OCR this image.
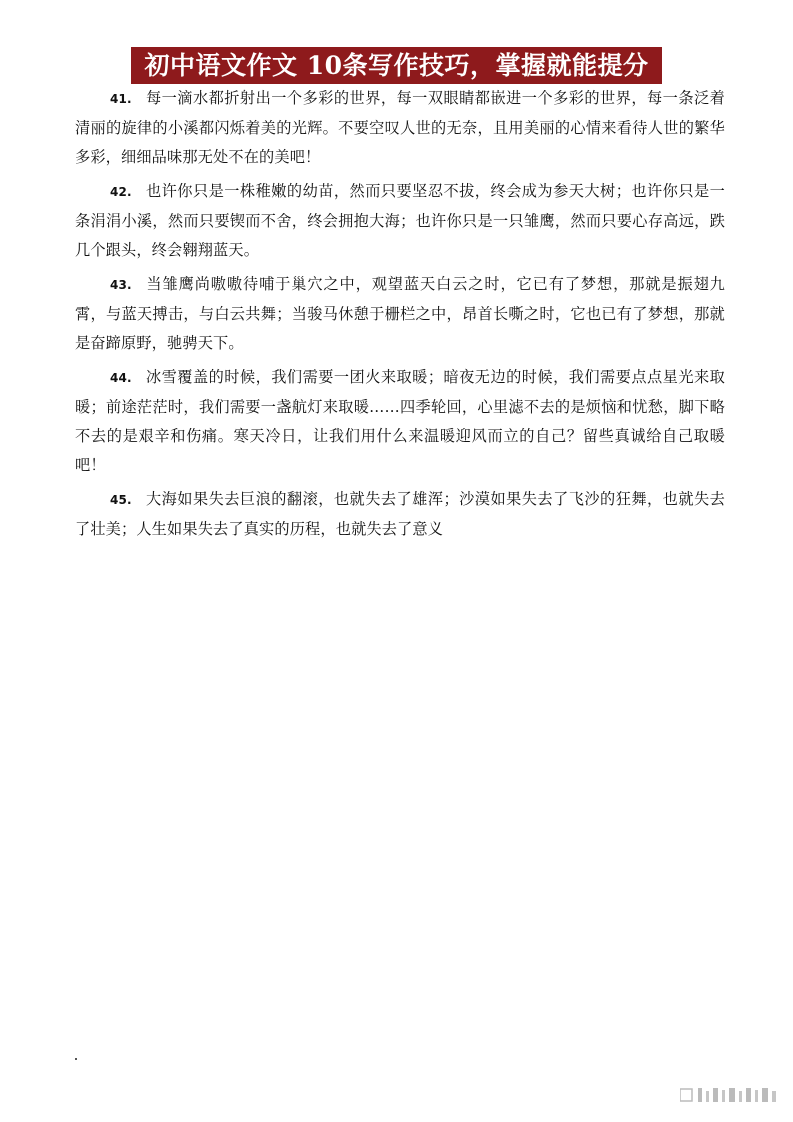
初中语文作文 10条写作技巧，掌握就能提分

41. 每一滴水都折射出一个多彩的世界，每一双眼睛都嵌进一个多彩的世界，每一条泛着清丽的旋律的小溪都闪烁着美的光辉。不要空叹人世的无奈，且用美丽的心情来看待人世的繁华多彩，细细品味那无处不在的美吧！

42. 也许你只是一株稚嫩的幼苗，然而只要坚忍不拔，终会成为参天大树；也许你只是一条涓涓小溪，然而只要锲而不舍，终会拥抱大海；也许你只是一只雏鹰，然而只要心存高远，跌几个跟头，终会翱翔蓝天。

43. 当雏鹰尚嗷嗷待哺于巢穴之中，观望蓝天白云之时，它已有了梦想，那就是振翅九霄，与蓝天搏击，与白云共舞；当骏马休憩于栅栏之中，昂首长嘶之时，它也已有了梦想，那就是奋蹄原野，驰骋天下。

44. 冰雪覆盖的时候，我们需要一团火来取暖；暗夜无边的时候，我们需要点点星光来取暖；前途茫茫时，我们需要一盏航灯来取暖……四季轮回，心里滤不去的是烦恼和忧愁，脚下略不去的是艰辛和伤痛。寒天冷日，让我们用什么来温暖迎风而立的自己？留些真诚给自己取暖吧！

45. 大海如果失去巨浪的翻滚，也就失去了雄浑；沙漠如果失去了飞沙的狂舞，也就失去了壮美；人生如果失去了真实的历程，也就失去了意义
